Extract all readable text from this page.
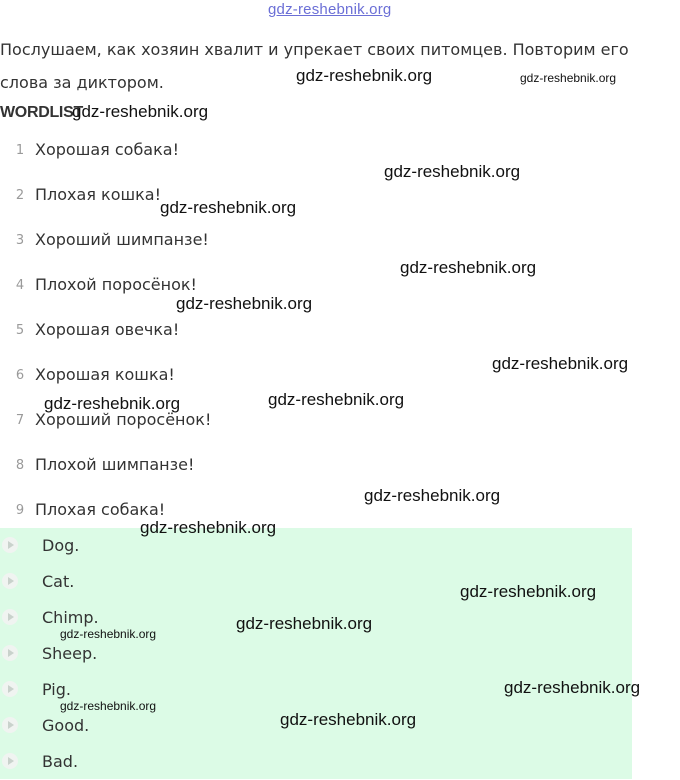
gdz-reshebnik.org

Послушаем, как хозяин хвалит и упрекает своих питомцев. Повторим его слова за диктором.

WORDLIST
1 Хорошая собака!
2 Плохая кошка!
3 Хороший шимпанзе!
4 Плохой поросёнок!
5 Хорошая овечка!
6 Хорошая кошка!
7 Хороший поросёнок!
8 Плохой шимпанзе!
9 Плохая собака!
Dog.
Cat.
Chimp.
Sheep.
Pig.
Good.
Bad.
gdz-reshebnik.org	gdz-reshebnik.org
gdz-reshebnik.org
gdz-reshebnik.org
gdz-reshebnik.org
gdz-reshebnik.org
gdz-reshebnik.org
gdz-reshebnik.org
gdz-reshebnik.org	gdz-reshebnik.org
gdz-reshebnik.org
gdz-reshebnik.org
gdz-reshebnik.org
gdz-reshebnik.org
gdz-reshebnik.org
gdz-reshebnik.org
gdz-reshebnik.org
gdz-reshebnik.org
